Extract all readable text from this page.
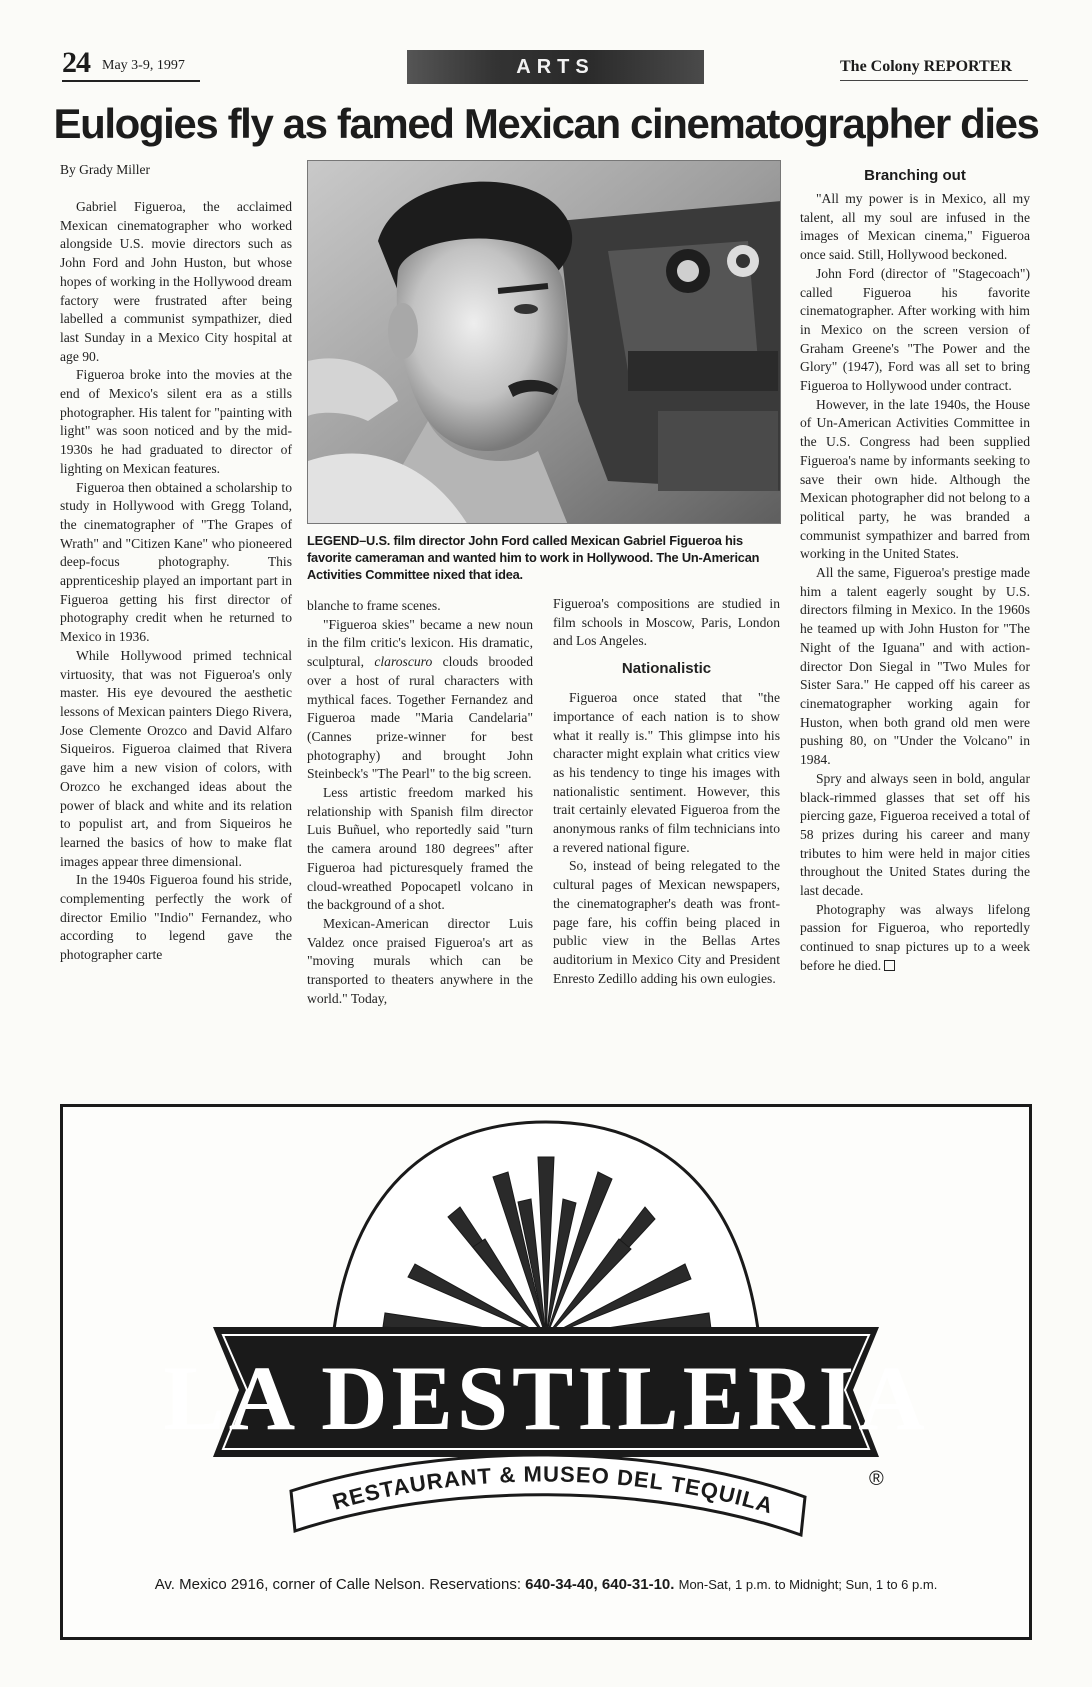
24 May 3-9, 1997	ARTS	The Colony REPORTER
Eulogies fly as famed Mexican cinematographer dies
By Grady Miller

Gabriel Figueroa, the acclaimed Mexican cinematographer who worked alongside U.S. movie directors such as John Ford and John Huston, but whose hopes of working in the Hollywood dream factory were frustrated after being labelled a communist sympathizer, died last Sunday in a Mexico City hospital at age 90.

Figueroa broke into the movies at the end of Mexico's silent era as a stills photographer. His talent for "painting with light" was soon noticed and by the mid-1930s he had graduated to director of lighting on Mexican features.

Figueroa then obtained a scholarship to study in Hollywood with Gregg Toland, the cinematographer of "The Grapes of Wrath" and "Citizen Kane" who pioneered deep-focus photography. This apprenticeship played an important part in Figueroa getting his first director of photography credit when he returned to Mexico in 1936.

While Hollywood primed technical virtuosity, that was not Figueroa's only master. His eye devoured the aesthetic lessons of Mexican painters Diego Rivera, Jose Clemente Orozco and David Alfaro Siqueiros. Figueroa claimed that Rivera gave him a new vision of colors, with Orozco he exchanged ideas about the power of black and white and its relation to populist art, and from Siqueiros he learned the basics of how to make flat images appear three dimensional.

In the 1940s Figueroa found his stride, complementing perfectly the work of director Emilio "Indio" Fernandez, who according to legend gave the photographer carte

LEGEND–U.S. film director John Ford called Mexican Gabriel Figueroa his favorite cameraman and wanted him to work in Hollywood. The Un-American Activities Committee nixed that idea.

blanche to frame scenes.

"Figueroa skies" became a new noun in the film critic's lexicon. His dramatic, sculptural, claroscuro clouds brooded over a host of rural characters with mythical faces. Together Fernandez and Figueroa made "Maria Candelaria" (Cannes prize-winner for best photography) and brought John Steinbeck's "The Pearl" to the big screen.

Less artistic freedom marked his relationship with Spanish film director Luis Buñuel, who reportedly said "turn the camera around 180 degrees" after Figueroa had picturesquely framed the cloud-wreathed Popocapetl volcano in the background of a shot.

Mexican-American director Luis Valdez once praised Figueroa's art as "moving murals which can be transported to theaters anywhere in the world." Today,

Figueroa's compositions are studied in film schools in Moscow, Paris, London and Los Angeles.

Nationalistic

Figueroa once stated that "the importance of each nation is to show what it really is." This glimpse into his character might explain what critics view as his tendency to tinge his images with nationalistic sentiment. However, this trait certainly elevated Figueroa from the anonymous ranks of film technicians into a revered national figure.

So, instead of being relegated to the cultural pages of Mexican newspapers, the cinematographer's death was front-page fare, his coffin being placed in public view in the Bellas Artes auditorium in Mexico City and President Enresto Zedillo adding his own eulogies.

Branching out

"All my power is in Mexico, all my talent, all my soul are infused in the images of Mexican cinema," Figueroa once said. Still, Hollywood beckoned.

John Ford (director of "Stagecoach") called Figueroa his favorite cinematographer. After working with him in Mexico on the screen version of Graham Greene's "The Power and the Glory" (1947), Ford was all set to bring Figueroa to Hollywood under contract.

However, in the late 1940s, the House of Un-American Activities Committee in the U.S. Congress had been supplied Figueroa's name by informants seeking to save their own hide. Although the Mexican photographer did not belong to a political party, he was branded a communist sympathizer and barred from working in the United States.

All the same, Figueroa's prestige made him a talent eagerly sought by U.S. directors filming in Mexico. In the 1960s he teamed up with John Huston for "The Night of the Iguana" and with action-director Don Siegal in "Two Mules for Sister Sara." He capped off his career as cinematographer working again for Huston, when both grand old men were pushing 80, on "Under the Volcano" in 1984.

Spry and always seen in bold, angular black-rimmed glasses that set off his piercing gaze, Figueroa received a total of 58 prizes during his career and many tributes to him were held in major cities throughout the United States during the last decade.

Photography was always lifelong passion for Figueroa, who reportedly continued to snap pictures up to a week before he died.

LA DESTILERIA
RESTAURANT & MUSEO DEL TEQUILA
®
Av. Mexico 2916, corner of Calle Nelson. Reservations: 640-34-40, 640-31-10. Mon-Sat, 1 p.m. to Midnight; Sun, 1 to 6 p.m.
